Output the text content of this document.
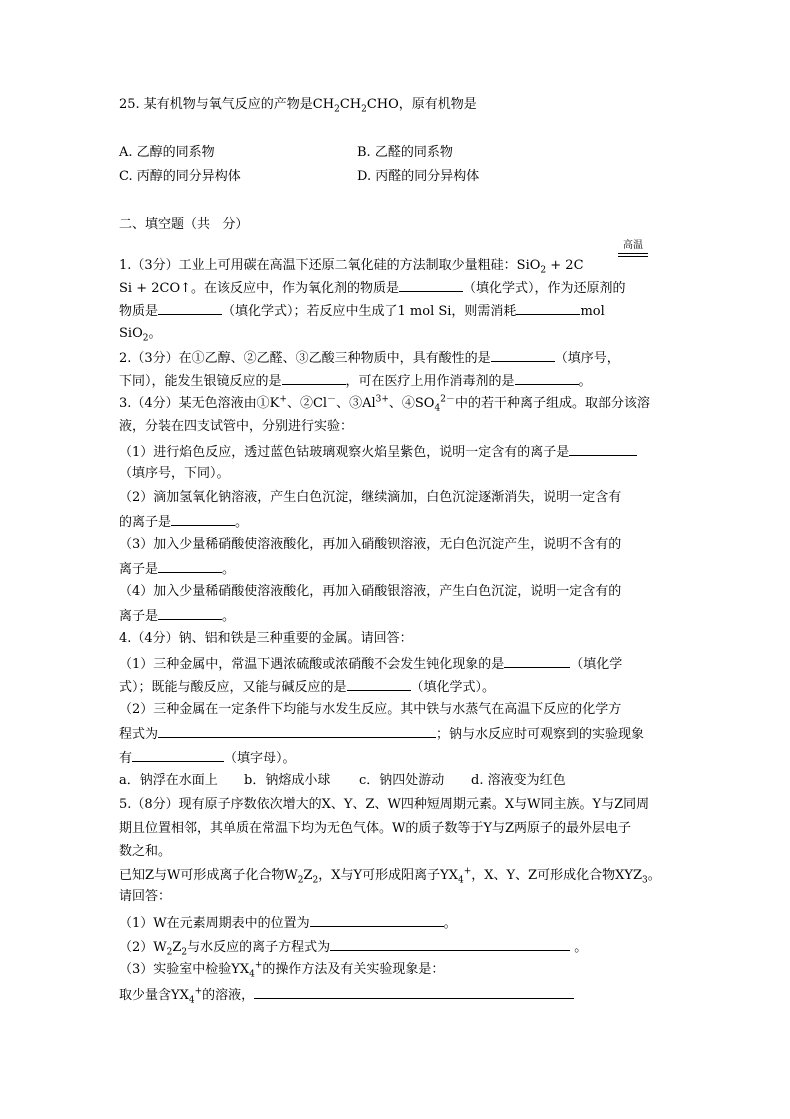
25. 某有机物与氧气反应的产物是$CH_2CH_2CHO$，原有机物是
A. 乙醇的同系物	B. 乙醛的同系物
C. 丙醇的同分异构体	D. 丙醛的同分异构体
二、填空题（共   分）
高温
1.（3分）工业上可用碳在高温下还原二氧化硅的方法制取少量粗硅：SiO$_2$ + 2C
Si + 2CO↑。在该反应中，作为氧化剂的物质是	（填化学式），作为还原剂的
物质是	（填化学式）；若反应中生成了1 mol Si，则需消耗	mol
SiO$_2$。
2.（3分）在①乙醇、②乙醛、③乙酸三种物质中，具有酸性的是	（填序号，
下同），能发生银镜反应的是	，可在医疗上用作消毒剂的是	。
3.（4分）某无色溶液由①K+、②Cl－、$③Al^{3+}$、$④SO_4^{2-}$中的若干种离子组成。取部分该溶
液，分装在四支试管中，分别进行实验：
（1）进行焰色反应，透过蓝色钴玻璃观察火焰呈紫色，说明一定含有的离子是
（填序号，下同）。
（2）滴加氢氧化钠溶液，产生白色沉淀，继续滴加，白色沉淀逐渐消失，说明一定含有
的离子是	。
（3）加入少量稀硝酸使溶液酸化，再加入硝酸钡溶液，无白色沉淀产生，说明不含有的
离子是	。
（4）加入少量稀硝酸使溶液酸化，再加入硝酸银溶液，产生白色沉淀，说明一定含有的
离子是	。
4.（4分）钠、铝和铁是三种重要的金属。请回答：
（1）三种金属中，常温下遇浓硫酸或浓硝酸不会发生钝化现象的是	（填化学
式）；既能与酸反应，又能与碱反应的是	（填化学式）。
（2）三种金属在一定条件下均能与水发生反应。其中铁与水蒸气在高温下反应的化学方
程式为	；钠与水反应时可观察到的实验现象
有	（填字母）。
a．钠浮在水面上 b．钠熔成小球 c．钠四处游动 d. 溶液变为红色
5.（8分）现有原子序数依次增大的X、Y、Z、W四种短周期元素。X与W同主族。Y与Z同周
期且位置相邻，其单质在常温下均为无色气体。W的质子数等于Y与Z两原子的最外层电子
数之和。
已知Z与W可形成离子化合物$W_2Z_2$，X与Y可形成阳离子$YX_4^+$，X、Y、Z可形成化合物$XYZ_3$。
请回答：
（1）W在元素周期表中的位置为	。
$(2)W_2Z_2$与水反应的离子方程式为	。
（3）实验室中检验$YX_4^+$的操作方法及有关实验现象是：
取少量含$YX_4^+$的溶液，
